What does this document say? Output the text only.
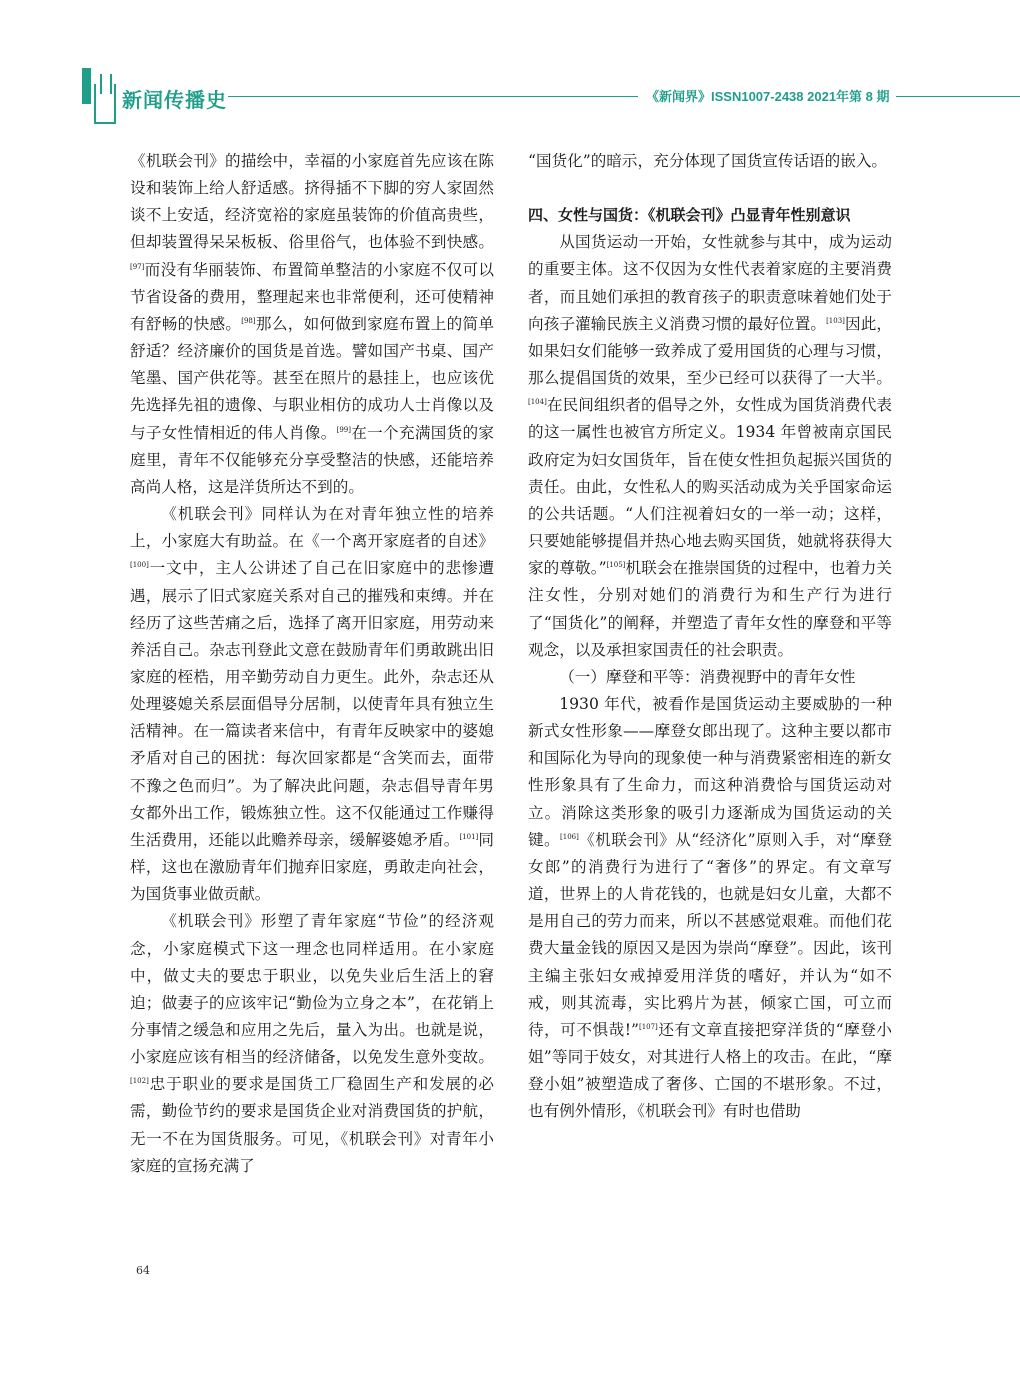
新闻传播史	《新闻界》ISSN1007-2438 2021年第 8 期

《机联会刊》的描绘中，幸福的小家庭首先应该在陈设和装饰上给人舒适感。挤得插不下脚的穷人家固然谈不上安适，经济宽裕的家庭虽装饰的价值高贵些，但却装置得呆呆板板、俗里俗气，也体验不到快感。[97]而没有华丽装饰、布置简单整洁的小家庭不仅可以节省设备的费用，整理起来也非常便利，还可使精神有舒畅的快感。[98]那么，如何做到家庭布置上的简单舒适？经济廉价的国货是首选。譬如国产书桌、国产笔墨、国产供花等。甚至在照片的悬挂上，也应该优先选择先祖的遗像、与职业相仿的成功人士肖像以及与子女性情相近的伟人肖像。[99]在一个充满国货的家庭里，青年不仅能够充分享受整洁的快感，还能培养高尚人格，这是洋货所达不到的。

《机联会刊》同样认为在对青年独立性的培养上，小家庭大有助益。在《一个离开家庭者的自述》[100]一文中，主人公讲述了自己在旧家庭中的悲惨遭遇，展示了旧式家庭关系对自己的摧残和束缚。并在经历了这些苦痛之后，选择了离开旧家庭，用劳动来养活自己。杂志刊登此文意在鼓励青年们勇敢跳出旧家庭的桎梏，用辛勤劳动自力更生。此外，杂志还从处理婆媳关系层面倡导分居制，以使青年具有独立生活精神。在一篇读者来信中，有青年反映家中的婆媳矛盾对自己的困扰：每次回家都是“含笑而去，面带不豫之色而归”。为了解决此问题，杂志倡导青年男女都外出工作，锻炼独立性。这不仅能通过工作赚得生活费用，还能以此赡养母亲，缓解婆媳矛盾。[101]同样，这也在激励青年们抛弃旧家庭，勇敢走向社会，为国货事业做贡献。

《机联会刊》形塑了青年家庭“节俭”的经济观念，小家庭模式下这一理念也同样适用。在小家庭中，做丈夫的要忠于职业，以免失业后生活上的窘迫；做妻子的应该牢记“勤俭为立身之本”，在花销上分事情之缓急和应用之先后，量入为出。也就是说，小家庭应该有相当的经济储备，以免发生意外变故。[102]忠于职业的要求是国货工厂稳固生产和发展的必需，勤俭节约的要求是国货企业对消费国货的护航，无一不在为国货服务。可见，《机联会刊》对青年小家庭的宣扬充满了

“国货化”的暗示，充分体现了国货宣传话语的嵌入。

四、女性与国货：《机联会刊》凸显青年性别意识

从国货运动一开始，女性就参与其中，成为运动的重要主体。这不仅因为女性代表着家庭的主要消费者，而且她们承担的教育孩子的职责意味着她们处于向孩子灌输民族主义消费习惯的最好位置。[103]因此，如果妇女们能够一致养成了爱用国货的心理与习惯，那么提倡国货的效果，至少已经可以获得了一大半。[104]在民间组织者的倡导之外，女性成为国货消费代表的这一属性也被官方所定义。1934 年曾被南京国民政府定为妇女国货年，旨在使女性担负起振兴国货的责任。由此，女性私人的购买活动成为关乎国家命运的公共话题。“人们注视着妇女的一举一动；这样，只要她能够提倡并热心地去购买国货，她就将获得大家的尊敬。”[105]机联会在推崇国货的过程中，也着力关注女性，分别对她们的消费行为和生产行为进行了“国货化”的阐释，并塑造了青年女性的摩登和平等观念，以及承担家国责任的社会职责。

（一）摩登和平等：消费视野中的青年女性

1930 年代，被看作是国货运动主要威胁的一种新式女性形象——摩登女郎出现了。这种主要以都市和国际化为导向的现象使一种与消费紧密相连的新女性形象具有了生命力，而这种消费恰与国货运动对立。消除这类形象的吸引力逐渐成为国货运动的关键。[106]《机联会刊》从“经济化”原则入手，对“摩登女郎”的消费行为进行了“奢侈”的界定。有文章写道，世界上的人肯花钱的，也就是妇女儿童，大都不是用自己的劳力而来，所以不甚感觉艰难。而他们花费大量金钱的原因又是因为崇尚“摩登”。因此，该刊主编主张妇女戒掉爱用洋货的嗜好，并认为“如不戒，则其流毒，实比鸦片为甚，倾家亡国，可立而待，可不惧哉!”[107]还有文章直接把穿洋货的“摩登小姐”等同于妓女，对其进行人格上的攻击。在此，“摩登小姐”被塑造成了奢侈、亡国的不堪形象。不过，也有例外情形，《机联会刊》有时也借助

64
